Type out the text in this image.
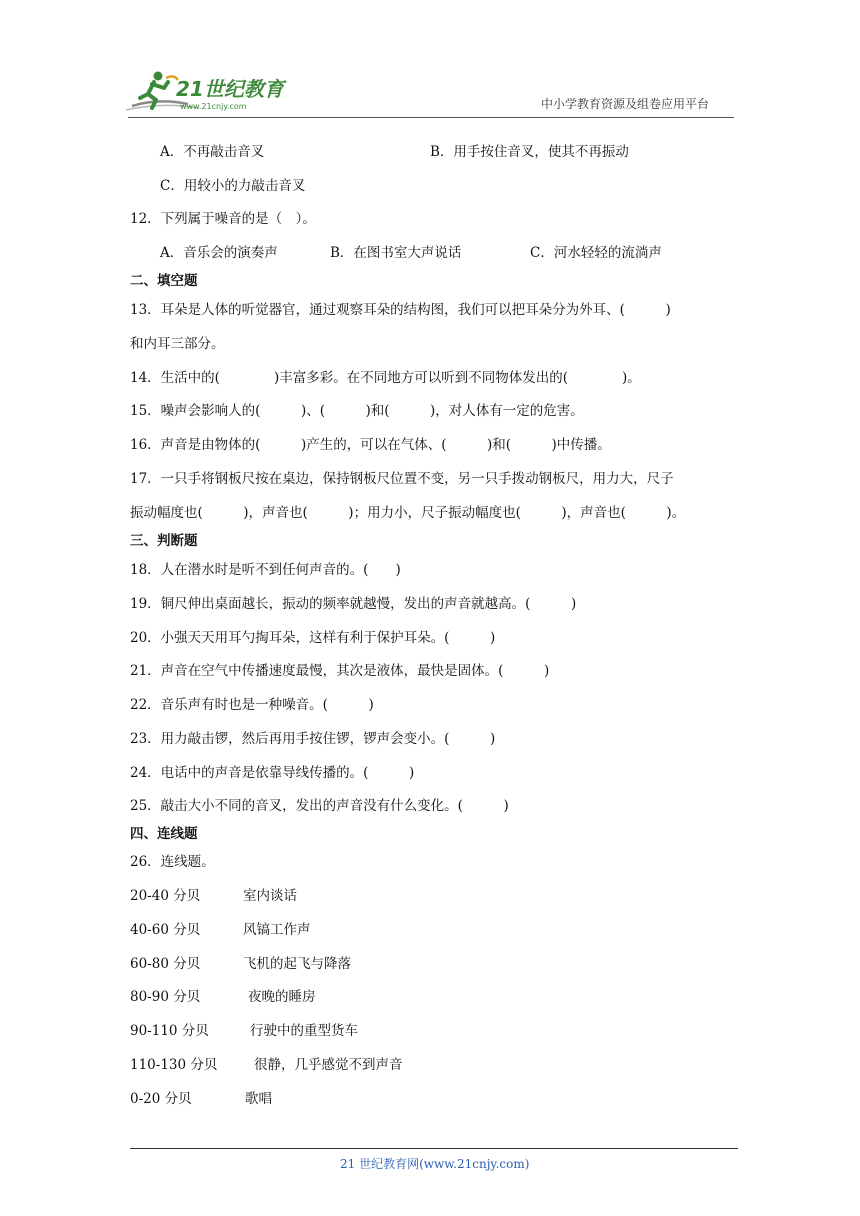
21世纪教育
www.21cnjy.com	中小学教育资源及组卷应用平台
A．不再敲击音叉	B．用手按住音叉，使其不再振动
C．用较小的力敲击音叉
12．下列属于噪音的是（　）。
A．音乐会的演奏声	B．在图书室大声说话	C．河水轻轻的流淌声
二、填空题
13．耳朵是人体的听觉器官，通过观察耳朵的结构图，我们可以把耳朵分为外耳、(　　　)
和内耳三部分。
14．生活中的(　　　　)丰富多彩。在不同地方可以听到不同物体发出的(　　　　)。
15．噪声会影响人的(　　　)、(　　　)和(　　　)，对人体有一定的危害。
16．声音是由物体的(　　　)产生的，可以在气体、(　　　)和(　　　)中传播。
17．一只手将钢板尺按在桌边，保持钢板尺位置不变，另一只手拨动钢板尺，用力大，尺子
振动幅度也(　　　)，声音也(　　　)；用力小，尺子振动幅度也(　　　)，声音也(　　　)。
三、判断题
18．人在潜水时是听不到任何声音的。(　　)
19．铜尺伸出桌面越长，振动的频率就越慢，发出的声音就越高。(　　　)
20．小强天天用耳勺掏耳朵，这样有利于保护耳朵。(　　　)
21．声音在空气中传播速度最慢，其次是液体，最快是固体。(　　　)
22．音乐声有时也是一种噪音。(　　　)
23．用力敲击锣，然后再用手按住锣，锣声会变小。(　　　)
24．电话中的声音是依靠导线传播的。(　　　)
25．敲击大小不同的音叉，发出的声音没有什么变化。(　　　)
四、连线题
26．连线题。
20-40 分贝	室内谈话
40-60 分贝	风镐工作声
60-80 分贝	飞机的起飞与降落
80-90 分贝	夜晚的睡房
90-110 分贝	行驶中的重型货车
110-130 分贝	很静，几乎感觉不到声音
0-20 分贝	歌唱
21 世纪教育网(www.21cnjy.com)
